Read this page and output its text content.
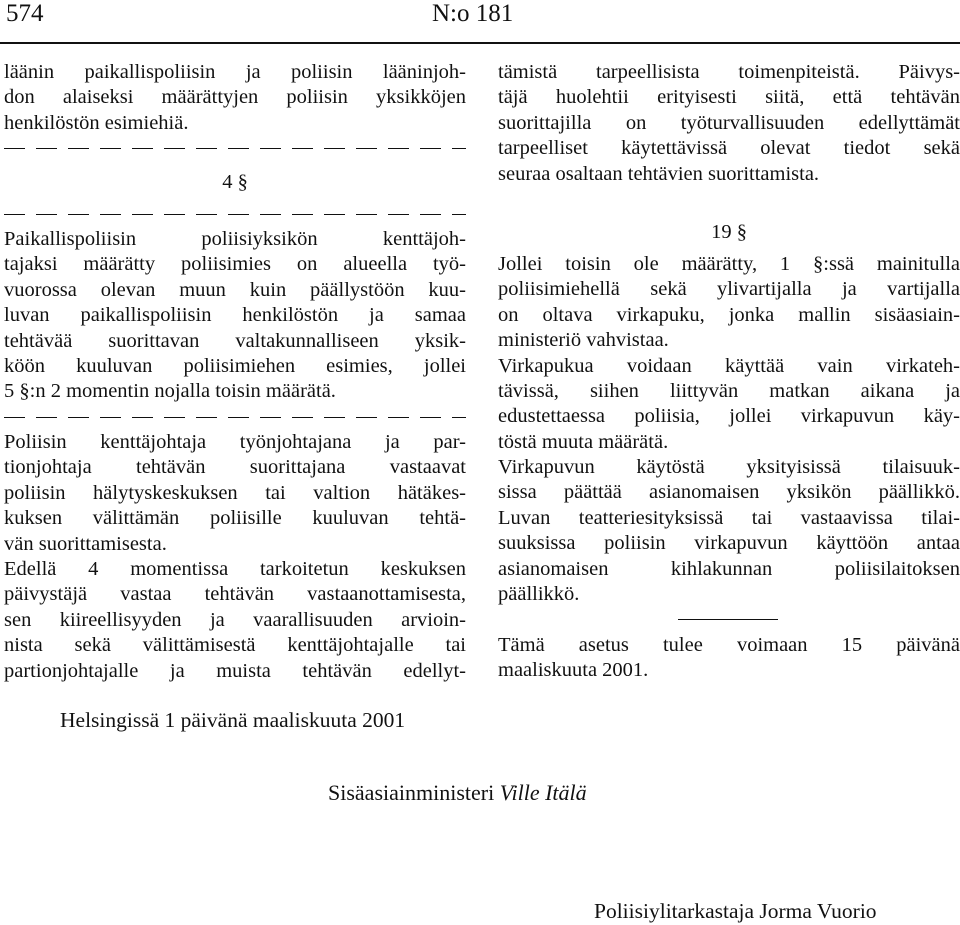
574	N:o 181
läänin paikallispoliisin ja poliisin lääninjoh-
don alaiseksi määrättyjen poliisin yksikköjen
henkilöstön esimiehiä.
4 §
Paikallispoliisin poliisiyksikön kenttäjoh-
tajaksi määrätty poliisimies on alueella työ-
vuorossa olevan muun kuin päällystöön kuu-
luvan paikallispoliisin henkilöstön ja samaa
tehtävää suorittavan valtakunnalliseen yksik-
köön kuuluvan poliisimiehen esimies, jollei
5 §:n 2 momentin nojalla toisin määrätä.
Poliisin kenttäjohtaja työnjohtajana ja par-
tionjohtaja tehtävän suorittajana vastaavat
poliisin hälytyskeskuksen tai valtion hätäkes-
kuksen välittämän poliisille kuuluvan tehtä-
vän suorittamisesta.
Edellä 4 momentissa tarkoitetun keskuksen
päivystäjä vastaa tehtävän vastaanottamisesta,
sen kiireellisyyden ja vaarallisuuden arvioin-
nista sekä välittämisestä kenttäjohtajalle tai
partionjohtajalle ja muista tehtävän edellyt-
tämistä tarpeellisista toimenpiteistä. Päivys-
täjä huolehtii erityisesti siitä, että tehtävän
suorittajilla on työturvallisuuden edellyttämät
tarpeelliset käytettävissä olevat tiedot sekä
seuraa osaltaan tehtävien suorittamista.
19 §
Jollei toisin ole määrätty, 1 §:ssä mainitulla
poliisimiehellä sekä ylivartijalla ja vartijalla
on oltava virkapuku, jonka mallin sisäasiain-
ministeriö vahvistaa.
Virkapukua voidaan käyttää vain virkateh-
tävissä, siihen liittyvän matkan aikana ja
edustettaessa poliisia, jollei virkapuvun käy-
töstä muuta määrätä.
Virkapuvun käytöstä yksityisissä tilaisuuk-
sissa päättää asianomaisen yksikön päällikkö.
Luvan teatteriesityksissä tai vastaavissa tilai-
suuksissa poliisin virkapuvun käyttöön antaa
asianomaisen kihlakunnan poliisilaitoksen
päällikkö.
Tämä asetus tulee voimaan 15 päivänä
maaliskuuta 2001.
Helsingissä 1 päivänä maaliskuuta 2001
Sisäasiainministeri Ville Itälä
Poliisiylitarkastaja Jorma Vuorio
